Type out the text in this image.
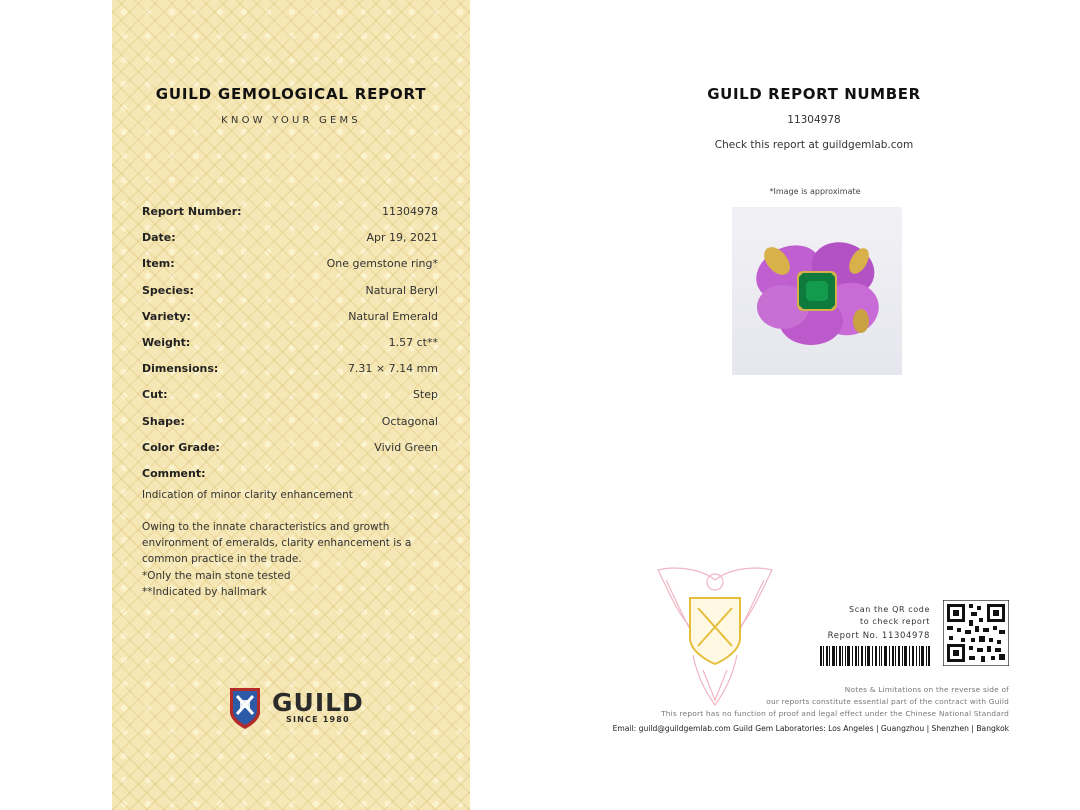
GUILD GEMOLOGICAL REPORT
KNOW YOUR GEMS
Report Number:	11304978
Date:	Apr 19, 2021
Item:	One gemstone ring*
Species:	Natural Beryl
Variety:	Natural Emerald
Weight:	1.57 ct**
Dimensions:	7.31 × 7.14 mm
Cut:	Step
Shape:	Octagonal
Color Grade:	Vivid Green
Comment:
Indication of minor clarity enhancement
Owing to the innate characteristics and growth
environment of emeralds, clarity enhancement is a
common practice in the trade.
*Only the main stone tested
**Indicated by hallmark
GUILD
SINCE 1980
GUILD REPORT NUMBER
11304978
Check this report at guildgemlab.com
*Image is approximate
Scan the QR code
to check report
Report No. 11304978
Notes & Limitations on the reverse side of
our reports constitute essential part of the contract with Guild
This report has no function of proof and legal effect under the Chinese National Standard
Email: guild@guildgemlab.com Guild Gem Laboratories: Los Angeles | Guangzhou | Shenzhen | Bangkok
